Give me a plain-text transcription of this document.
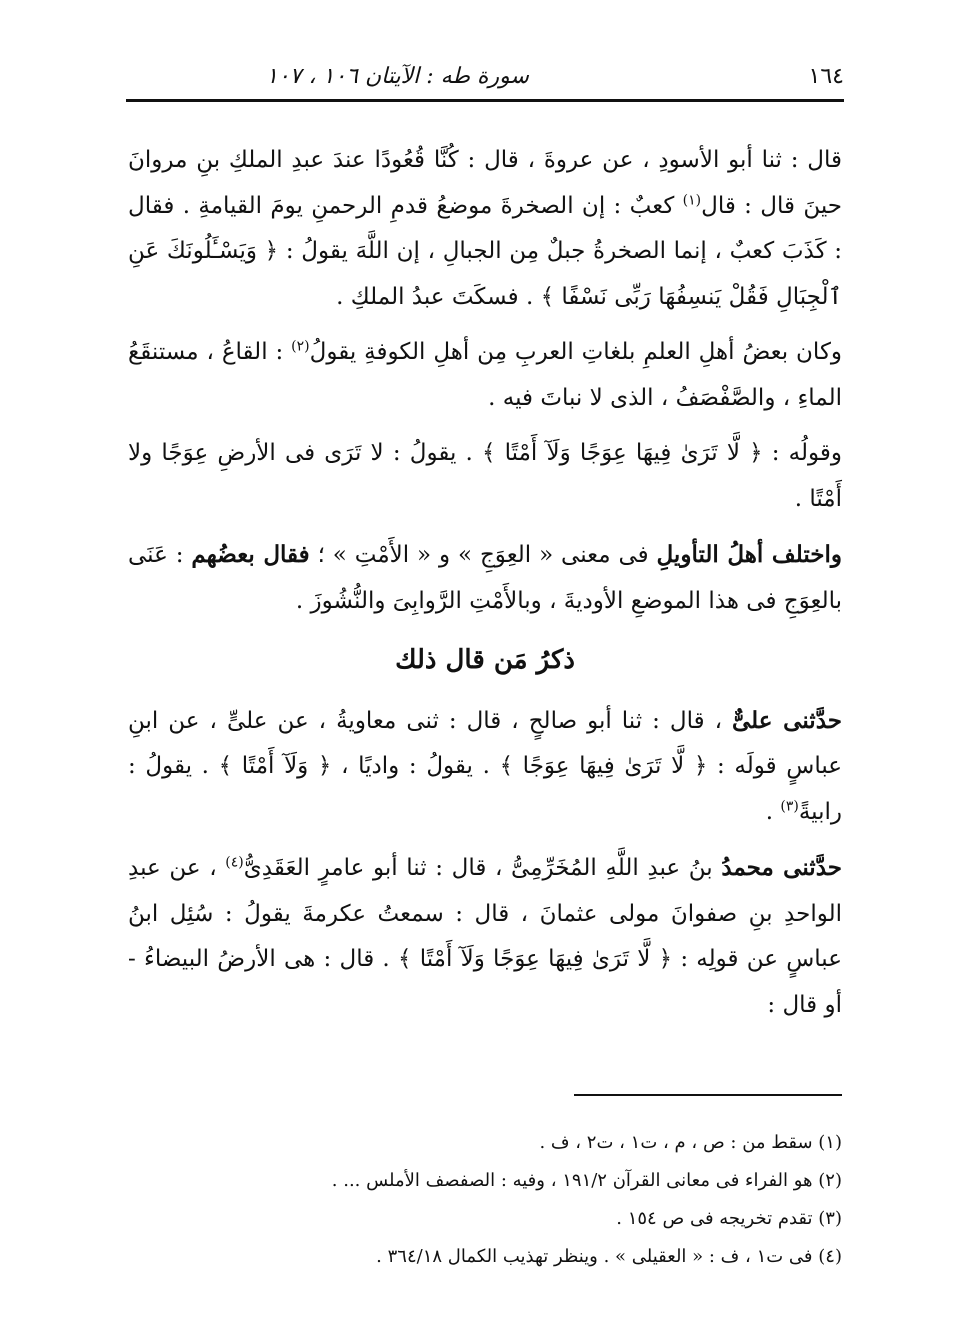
١٦٤
سورة طه : الآيتان ١٠٦ ، ١٠٧

قال : ثنا أبو الأسودِ ، عن عروةَ ، قال : كُنَّا قُعُودًا عندَ عبدِ الملكِ بنِ مروانَ حينَ قال : قال$^{(١)}$ كعبٌ : إن الصخرةَ موضعُ قدمِ الرحمنِ يومَ القيامةِ . فقال : كَذَبَ كعبٌ ، إنما الصخرةُ جبلٌ مِن الجبالِ ، إن اللَّهَ يقولُ : ﴿ وَيَسْـَٔلُونَكَ عَنِ ٱلْجِبَالِ فَقُلْ يَنسِفُهَا رَبِّى نَسْفًا ﴾ . فسكَتَ عبدُ الملكِ .

وكان بعضُ أهلِ العلمِ بلغاتِ العربِ مِن أهلِ الكوفةِ يقولُ$^{(٢)}$ : القاعُ ، مستنقَعُ الماءِ ، والصَّفْصَفُ ، الذى لا نباتَ فيه .

وقولُه : ﴿ لَّا تَرَىٰ فِيهَا عِوَجًا وَلَآ أَمْتًا ﴾ . يقولُ : لا تَرَى فى الأرضِ عِوَجًا ولا أَمْتًا .

واختلف أهلُ التأويلِ فى معنى « العِوَجِ » و « الأَمْتِ » ؛ فقال بعضُهم : عَنَى بالعِوَجِ فى هذا الموضعِ الأوديةَ ، وبالأَمْتِ الرَّوابِىَ والنُّشُوزَ .

ذكرُ مَن قال ذلك

حدَّثنى علىٌّ ، قال : ثنا أبو صالحٍ ، قال : ثنى معاويةُ ، عن علىٍّ ، عن ابنِ عباسٍ قولَه : ﴿ لَّا تَرَىٰ فِيهَا عِوَجًا ﴾ . يقولُ : واديًا ، ﴿ وَلَآ أَمْتًا ﴾ . يقولُ : رابيةً$^{(٣)}$ .

حدَّثنى محمدُ بنُ عبدِ اللَّهِ المُخَرِّمِىُّ ، قال : ثنا أبو عامرٍ العَقَدِىُّ$^{(٤)}$ ، عن عبدِ الواحدِ بنِ صفوانَ مولى عثمانَ ، قال : سمعتُ عكرمةَ يقولُ : سُئِل ابنُ عباسٍ عن قولِه : ﴿ لَّا تَرَىٰ فِيهَا عِوَجًا وَلَآ أَمْتًا ﴾ . قال : هى الأرضُ البيضاءُ - أو قال :

(١) سقط من : ص ، م ، ت١ ، ت٢ ، ف .

(٢) هو الفراء فى معانى القرآن ١٩١/٢ ، وفيه : الصفصف الأملس ... .

(٣) تقدم تخريجه فى ص ١٥٤ .

(٤) فى ت١ ، ف : « العقيلى » . وينظر تهذيب الكمال ٣٦٤/١٨ .
